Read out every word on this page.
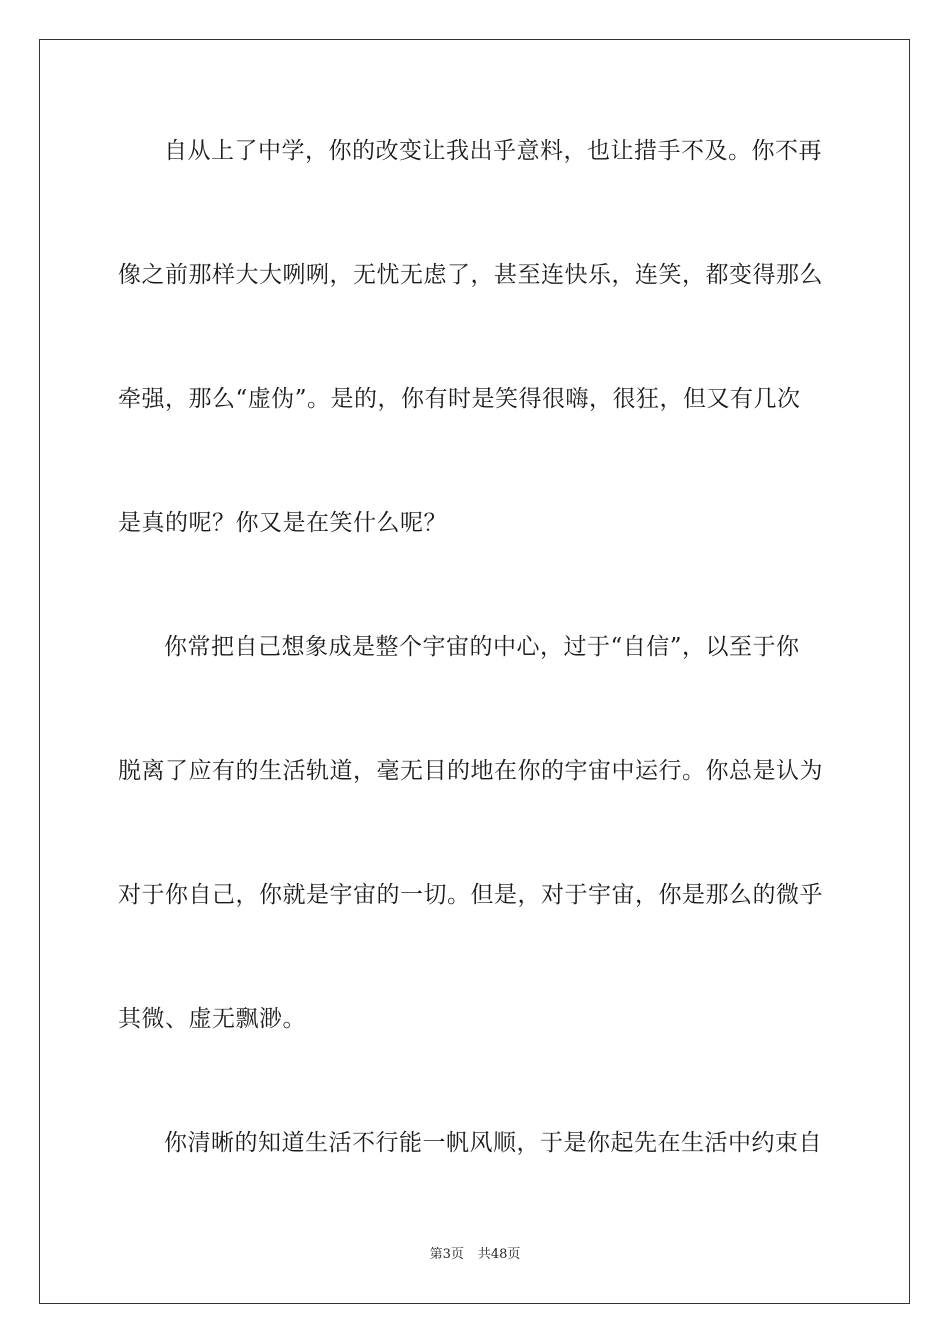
自从上了中学，你的改变让我出乎意料，也让措手不及。你不再
像之前那样大大咧咧，无忧无虑了，甚至连快乐，连笑，都变得那么
牵强，那么“虚伪”。是的，你有时是笑得很嗨，很狂，但又有几次
是真的呢？你又是在笑什么呢？
你常把自己想象成是整个宇宙的中心，过于“自信”，以至于你
脱离了应有的生活轨道，毫无目的地在你的宇宙中运行。你总是认为
对于你自己，你就是宇宙的一切。但是，对于宇宙，你是那么的微乎
其微、虚无飘渺。
你清晰的知道生活不行能一帆风顺，于是你起先在生活中约束自
第3页 共48页
